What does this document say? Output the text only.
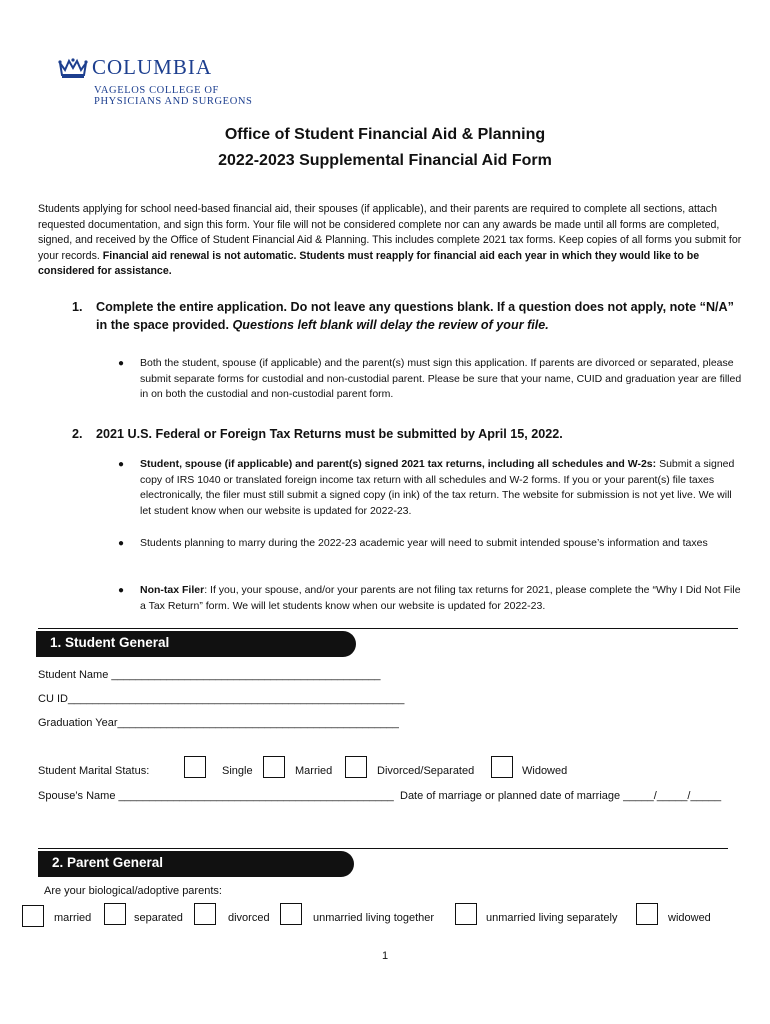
COLUMBIA
VAGELOS COLLEGE OF
PHYSICIANS AND SURGEONS
Office of Student Financial Aid & Planning
2022-2023 Supplemental Financial Aid Form
Students applying for school need-based financial aid, their spouses (if applicable), and their parents are required to complete all sections, attach requested documentation, and sign this form. Your file will not be considered complete nor can any awards be made until all forms are completed, signed, and received by the Office of Student Financial Aid & Planning. This includes complete 2021 tax forms. Keep copies of all forms you submit for your records. Financial aid renewal is not automatic. Students must reapply for financial aid each year in which they would like to be considered for assistance.
1. Complete the entire application. Do not leave any questions blank. If a question does not apply, note “N/A” in the space provided. Questions left blank will delay the review of your file.
● Both the student, spouse (if applicable) and the parent(s) must sign this application. If parents are divorced or separated, please submit separate forms for custodial and non-custodial parent. Please be sure that your name, CUID and graduation year are filled in on both the custodial and non-custodial parent form.
2. 2021 U.S. Federal or Foreign Tax Returns must be submitted by April 15, 2022.
● Student, spouse (if applicable) and parent(s) signed 2021 tax returns, including all schedules and W-2s: Submit a signed copy of IRS 1040 or translated foreign income tax return with all schedules and W-2 forms. If you or your parent(s) file taxes electronically, the filer must still submit a signed copy (in ink) of the tax return. The website for submission is not yet live. We will let student know when our website is updated for 2022-23.
● Students planning to marry during the 2022-23 academic year will need to submit intended spouse’s information and taxes
● Non-tax Filer: If you, your spouse, and/or your parents are not filing tax returns for 2021, please complete the “Why I Did Not File a Tax Return” form. We will let students know when our website is updated for 2022-23.
1. Student General
Student Name ____________________________________________
CU ID_______________________________________________________
Graduation Year______________________________________________
Student Marital Status:	Single	Married	Divorced/Separated	Widowed
Spouse’s Name _____________________________________________ Date of marriage or planned date of marriage _____/_____/_____
2. Parent General
Are your biological/adoptive parents:
married	separated	divorced	unmarried living together	unmarried living separately	widowed
1
